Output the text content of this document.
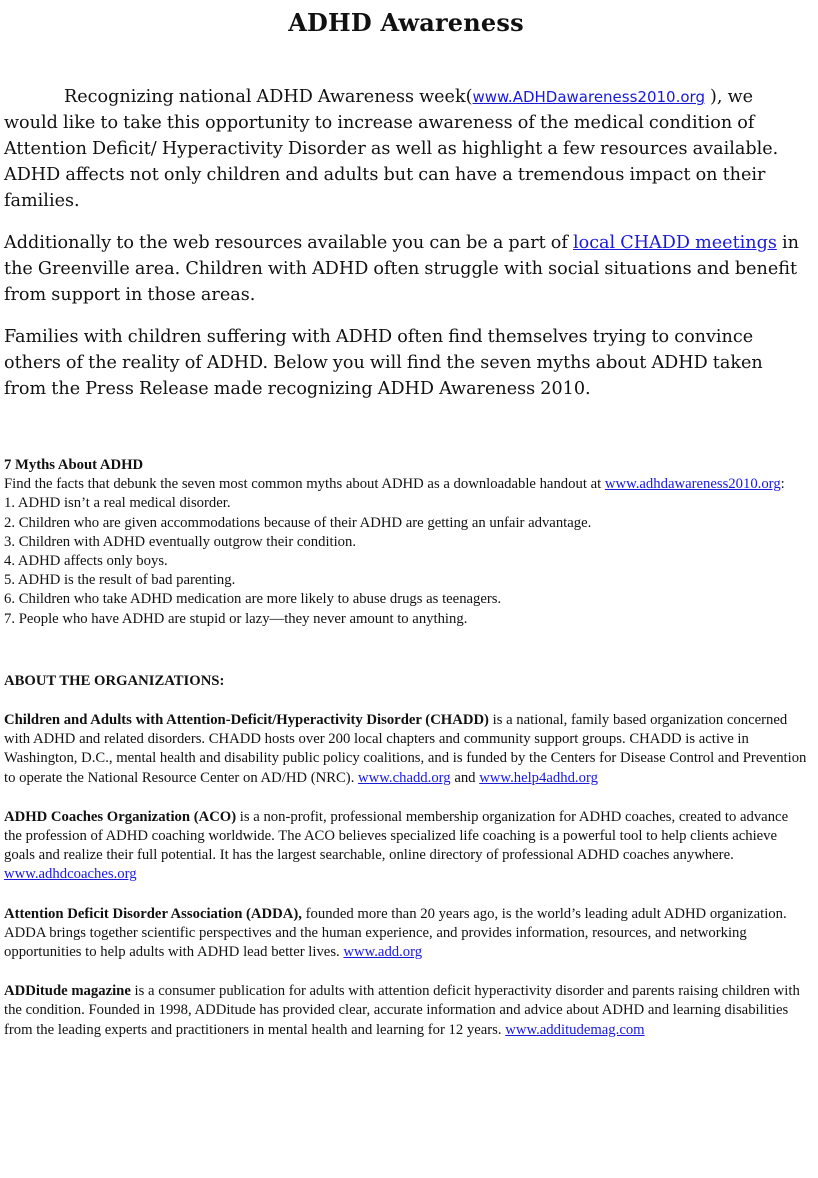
ADHD Awareness

Recognizing national ADHD Awareness week(www.ADHDawareness2010.org ), we would like to take this opportunity to increase awareness of the medical condition of Attention Deficit/ Hyperactivity Disorder as well as highlight a few resources available. ADHD affects not only children and adults but can have a tremendous impact on their families.

Additionally to the web resources available you can be a part of local CHADD meetings in the Greenville area. Children with ADHD often struggle with social situations and benefit from support in those areas.

Families with children suffering with ADHD often find themselves trying to convince others of the reality of ADHD. Below you will find the seven myths about ADHD taken from the Press Release made recognizing ADHD Awareness 2010.

7 Myths About ADHD
Find the facts that debunk the seven most common myths about ADHD as a downloadable handout at www.adhdawareness2010.org:
1. ADHD isn’t a real medical disorder.
2. Children who are given accommodations because of their ADHD are getting an unfair advantage.
3. Children with ADHD eventually outgrow their condition.
4. ADHD affects only boys.
5. ADHD is the result of bad parenting.
6. Children who take ADHD medication are more likely to abuse drugs as teenagers.
7. People who have ADHD are stupid or lazy—they never amount to anything.
ABOUT THE ORGANIZATIONS:

Children and Adults with Attention-Deficit/Hyperactivity Disorder (CHADD) is a national, family based organization concerned with ADHD and related disorders. CHADD hosts over 200 local chapters and community support groups. CHADD is active in Washington, D.C., mental health and disability public policy coalitions, and is funded by the Centers for Disease Control and Prevention to operate the National Resource Center on AD/HD (NRC). www.chadd.org and www.help4adhd.org

ADHD Coaches Organization (ACO) is a non-profit, professional membership organization for ADHD coaches, created to advance the profession of ADHD coaching worldwide. The ACO believes specialized life coaching is a powerful tool to help clients achieve goals and realize their full potential. It has the largest searchable, online directory of professional ADHD coaches anywhere. www.adhdcoaches.org

Attention Deficit Disorder Association (ADDA), founded more than 20 years ago, is the world’s leading adult ADHD organization. ADDA brings together scientific perspectives and the human experience, and provides information, resources, and networking opportunities to help adults with ADHD lead better lives. www.add.org

ADDitude magazine is a consumer publication for adults with attention deficit hyperactivity disorder and parents raising children with the condition. Founded in 1998, ADDitude has provided clear, accurate information and advice about ADHD and learning disabilities from the leading experts and practitioners in mental health and learning for 12 years. www.additudemag.com
